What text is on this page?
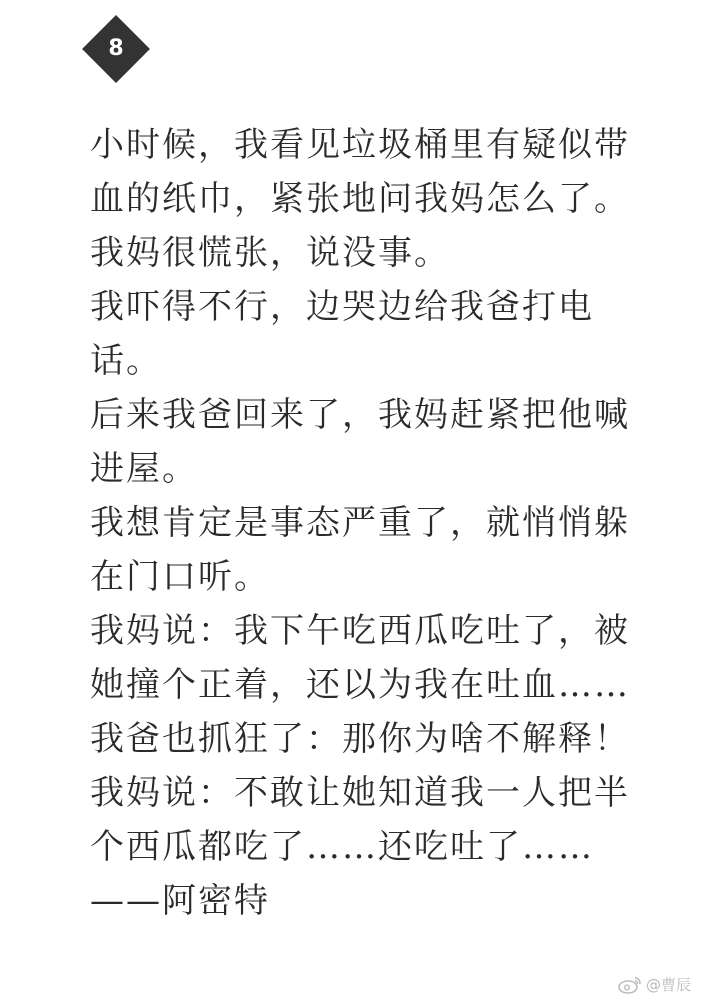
8
小时候，我看见垃圾桶里有疑似带
血的纸巾，紧张地问我妈怎么了。
我妈很慌张，说没事。
我吓得不行，边哭边给我爸打电
话。
后来我爸回来了，我妈赶紧把他喊
进屋。
我想肯定是事态严重了，就悄悄躲
在门口听。
我妈说：我下午吃西瓜吃吐了，被
她撞个正着，还以为我在吐血……
我爸也抓狂了：那你为啥不解释！
我妈说：不敢让她知道我一人把半
个西瓜都吃了……还吃吐了……
——阿密特
@曹辰
